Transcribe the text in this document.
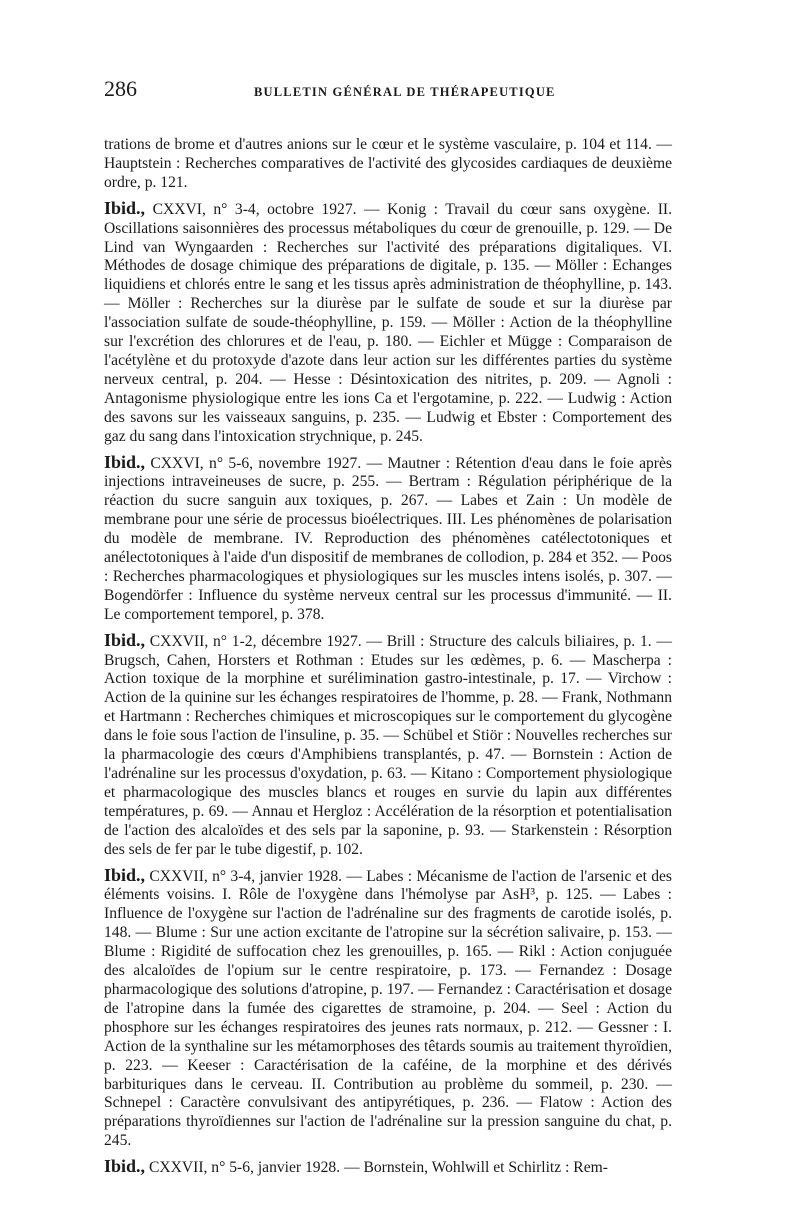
286	BULLETIN GÉNÉRAL DE THÉRAPEUTIQUE

trations de brome et d'autres anions sur le cœur et le système vasculaire, p. 104 et 114. — Hauptstein : Recherches comparatives de l'activité des glycosides cardiaques de deuxième ordre, p. 121.

Ibid., CXXVI, n° 3-4, octobre 1927. — Konig : Travail du cœur sans oxygène. II. Oscillations saisonnières des processus métaboliques du cœur de grenouille, p. 129. — De Lind van Wyngaarden : Recherches sur l'activité des préparations digitaliques. VI. Méthodes de dosage chimique des préparations de digitale, p. 135. — Möller : Echanges liquidiens et chlorés entre le sang et les tissus après administration de théophylline, p. 143. — Möller : Recherches sur la diurèse par le sulfate de soude et sur la diurèse par l'association sulfate de soude-théophylline, p. 159. — Möller : Action de la théophylline sur l'excrétion des chlorures et de l'eau, p. 180. — Eichler et Mügge : Comparaison de l'acétylène et du protoxyde d'azote dans leur action sur les différentes parties du système nerveux central, p. 204. — Hesse : Désintoxication des nitrites, p. 209. — Agnoli : Antagonisme physiologique entre les ions Ca et l'ergotamine, p. 222. — Ludwig : Action des savons sur les vaisseaux sanguins, p. 235. — Ludwig et Ebster : Comportement des gaz du sang dans l'intoxication strychnique, p. 245.

Ibid., CXXVI, n° 5-6, novembre 1927. — Mautner : Rétention d'eau dans le foie après injections intraveineuses de sucre, p. 255. — Bertram : Régulation périphérique de la réaction du sucre sanguin aux toxiques, p. 267. — Labes et Zain : Un modèle de membrane pour une série de processus bioélectriques. III. Les phénomènes de polarisation du modèle de membrane. IV. Reproduction des phénomènes catélectotoniques et anélectotoniques à l'aide d'un dispositif de membranes de collodion, p. 284 et 352. — Poos : Recherches pharmacologiques et physiologiques sur les muscles intens isolés, p. 307. — Bogendörfer : Influence du système nerveux central sur les processus d'immunité. — II. Le comportement temporel, p. 378.

Ibid., CXXVII, n° 1-2, décembre 1927. — Brill : Structure des calculs biliaires, p. 1. — Brugsch, Cahen, Horsters et Rothman : Etudes sur les œdèmes, p. 6. — Mascherpa : Action toxique de la morphine et surélimination gastro-intestinale, p. 17. — Virchow : Action de la quinine sur les échanges respiratoires de l'homme, p. 28. — Frank, Nothmann et Hartmann : Recherches chimiques et microscopiques sur le comportement du glycogène dans le foie sous l'action de l'insuline, p. 35. — Schübel et Stiör : Nouvelles recherches sur la pharmacologie des cœurs d'Amphibiens transplantés, p. 47. — Bornstein : Action de l'adrénaline sur les processus d'oxydation, p. 63. — Kitano : Comportement physiologique et pharmacologique des muscles blancs et rouges en survie du lapin aux différentes températures, p. 69. — Annau et Hergloz : Accélération de la résorption et potentialisation de l'action des alcaloïdes et des sels par la saponine, p. 93. — Starkenstein : Résorption des sels de fer par le tube digestif, p. 102.

Ibid., CXXVII, n° 3-4, janvier 1928. — Labes : Mécanisme de l'action de l'arsenic et des éléments voisins. I. Rôle de l'oxygène dans l'hémolyse par AsH³, p. 125. — Labes : Influence de l'oxygène sur l'action de l'adrénaline sur des fragments de carotide isolés, p. 148. — Blume : Sur une action excitante de l'atropine sur la sécrétion salivaire, p. 153. — Blume : Rigidité de suffocation chez les grenouilles, p. 165. — Rikl : Action conjuguée des alcaloïdes de l'opium sur le centre respiratoire, p. 173. — Fernandez : Dosage pharmacologique des solutions d'atropine, p. 197. — Fernandez : Caractérisation et dosage de l'atropine dans la fumée des cigarettes de stramoine, p. 204. — Seel : Action du phosphore sur les échanges respiratoires des jeunes rats normaux, p. 212. — Gessner : I. Action de la synthaline sur les métamorphoses des têtards soumis au traitement thyroïdien, p. 223. — Keeser : Caractérisation de la caféine, de la morphine et des dérivés barbituriques dans le cerveau. II. Contribution au problème du sommeil, p. 230. — Schnepel : Caractère convulsivant des antipyrétiques, p. 236. — Flatow : Action des préparations thyroïdiennes sur l'action de l'adrénaline sur la pression sanguine du chat, p. 245.

Ibid., CXXVII, n° 5-6, janvier 1928. — Bornstein, Wohlwill et Schirlitz : Rem-
